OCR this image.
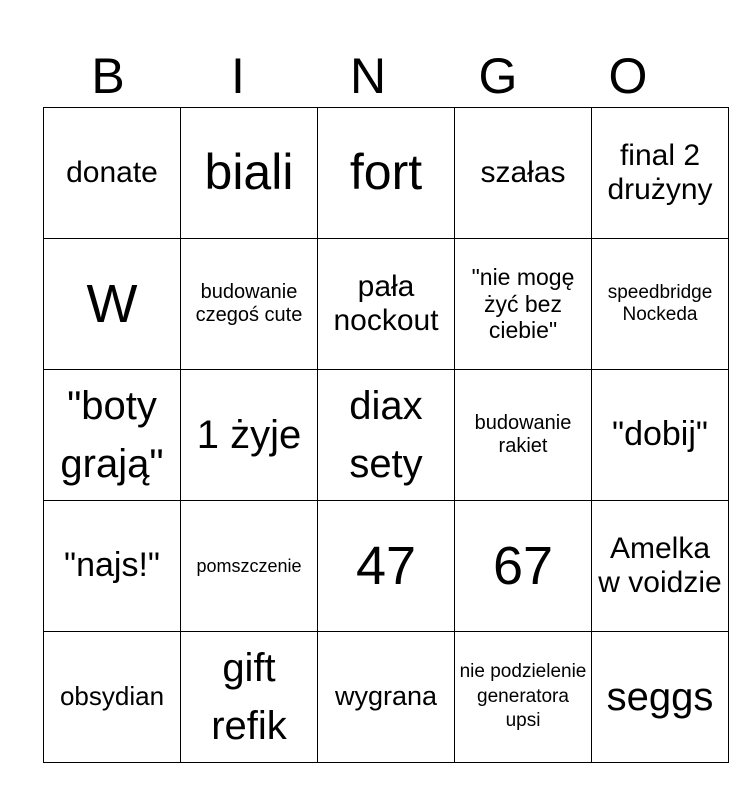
B	I	N	G	O
donate	biali	fort	szałas	final 2 drużyny
W	budowanie czegoś cute	pała nockout	"nie mogę żyć bez ciebie"	speedbridge Nockeda
"boty grają"	1 żyje	diax sety	budowanie rakiet	"dobij"
"najs!"	pomszczenie	47	67	Amelka w voidzie
obsydian	gift refik	wygrana	nie podzielenie generatora upsi	seggs
